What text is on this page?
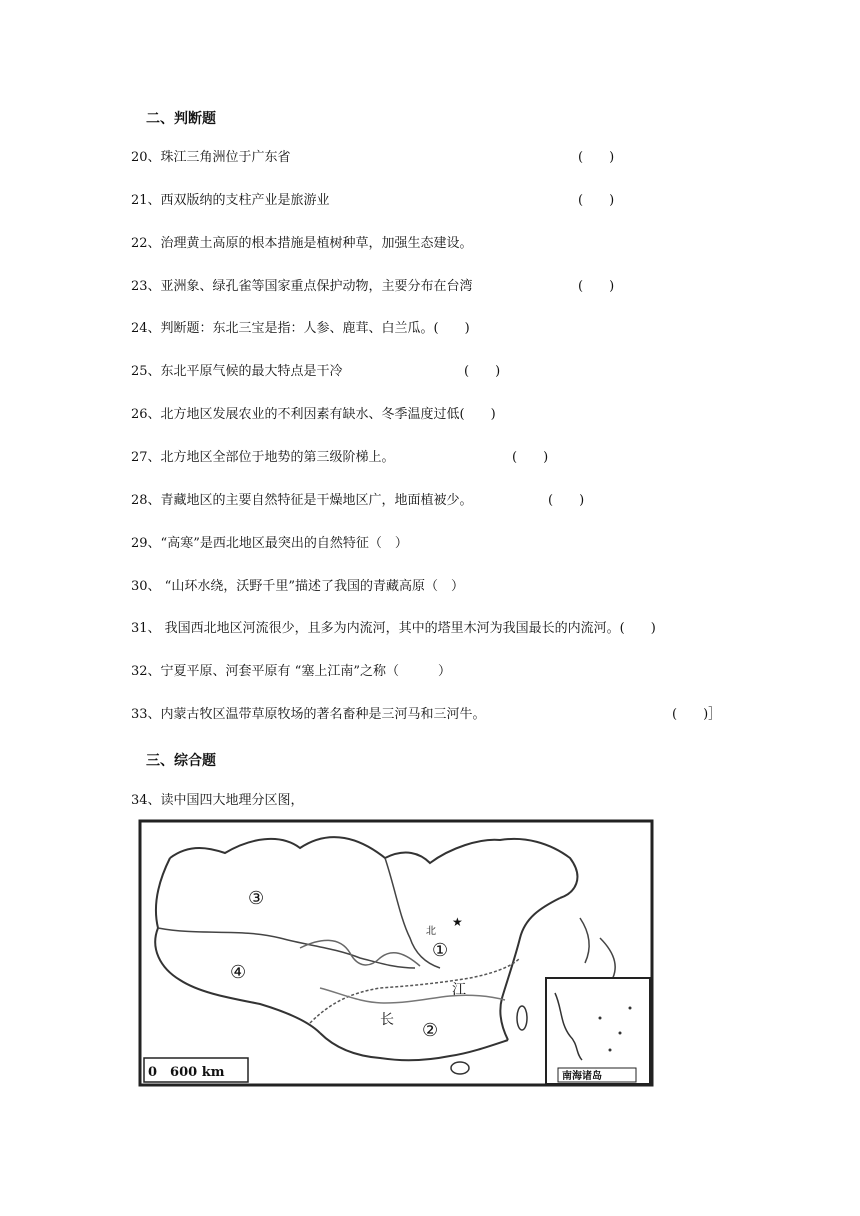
二、判断题
20、珠江三角洲位于广东省	(　　)
21、西双版纳的支柱产业是旅游业	(　　)
22、治理黄土高原的根本措施是植树种草，加强生态建设。
23、亚洲象、绿孔雀等国家重点保护动物，主要分布在台湾	(　　)
24、判断题：东北三宝是指：人参、鹿茸、白兰瓜。(　　)
25、东北平原气候的最大特点是干冷	(　　)
26、北方地区发展农业的不利因素有缺水、冬季温度过低(　　)
27、北方地区全部位于地势的第三级阶梯上。	(　　)
28、青藏地区的主要自然特征是干燥地区广，地面植被少。	(　　)
29、“高寒”是西北地区最突出的自然特征（　）
30、 “山环水绕，沃野千里”描述了我国的青藏高原（　）
31、 我国西北地区河流很少，且多为内流河，其中的塔里木河为我国最长的内流河。(　　)
32、宁夏平原、河套平原有 “塞上江南”之称（　　　）
33、内蒙古牧区温带草原牧场的著名畜种是三河马和三河牛。	(　　)］
三、综合题
34、读中国四大地理分区图，
★
③
④
①
②
北
江
长
0　600 km	南海诸岛
